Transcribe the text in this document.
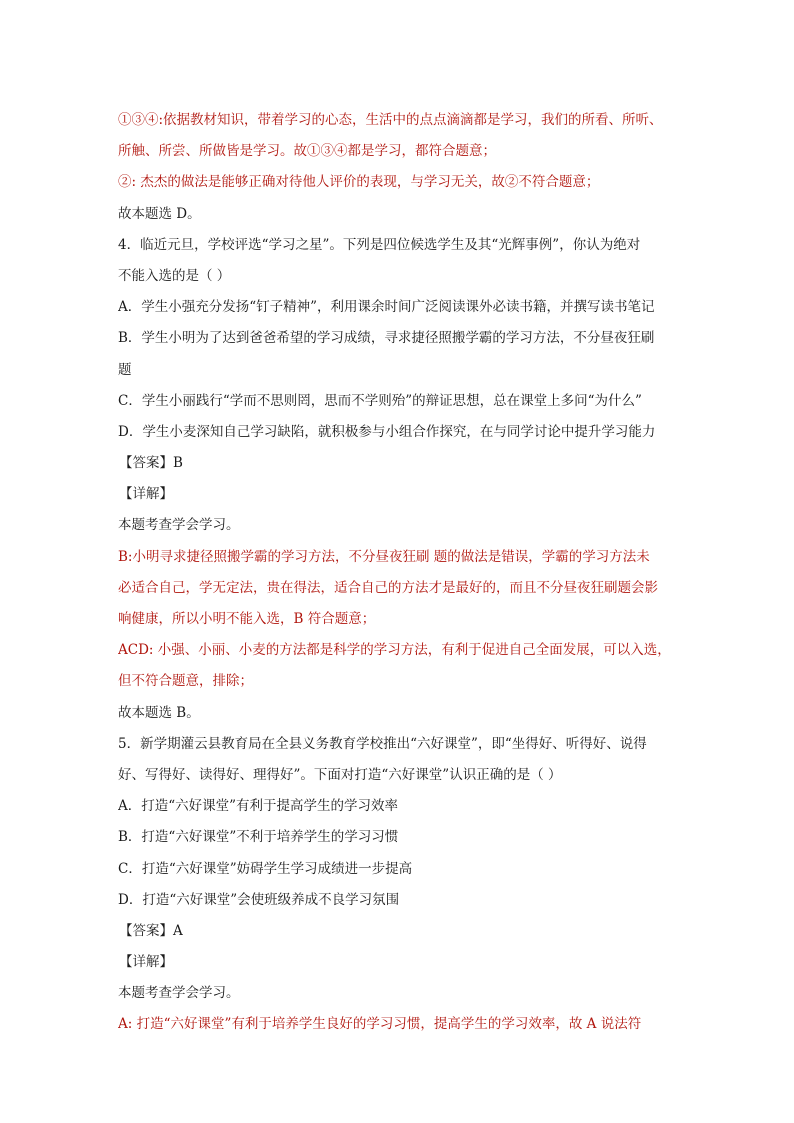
①③④:依据教材知识，带着学习的心态，生活中的点点滴滴都是学习，我们的所看、所听、
所触、所尝、所做皆是学习。故①③④都是学习，都符合题意；
②: 杰杰的做法是能够正确对待他人评价的表现，与学习无关，故②不符合题意；
故本题选 D。
4．临近元旦，学校评选“学习之星”。下列是四位候选学生及其“光辉事例”，你认为绝对
不能入选的是（ ）
A．学生小强充分发扬“钉子精神”，利用课余时间广泛阅读课外必读书籍，并撰写读书笔记
B．学生小明为了达到爸爸希望的学习成绩，寻求捷径照搬学霸的学习方法，不分昼夜狂刷
题
C．学生小丽践行“学而不思则罔，思而不学则殆”的辩证思想，总在课堂上多问“为什么”
D．学生小麦深知自己学习缺陷，就积极参与小组合作探究，在与同学讨论中提升学习能力
【答案】B
【详解】
本题考查学会学习。
B:小明寻求捷径照搬学霸的学习方法，不分昼夜狂刷 题的做法是错误，学霸的学习方法未
必适合自己，学无定法，贵在得法，适合自己的方法才是最好的，而且不分昼夜狂刷题会影
响健康，所以小明不能入选，B 符合题意；
ACD: 小强、小丽、小麦的方法都是科学的学习方法，有利于促进自己全面发展，可以入选，
但不符合题意，排除；
故本题选 B。
5．新学期灌云县教育局在全县义务教育学校推出“六好课堂”，即“坐得好、听得好、说得
好、写得好、读得好、理得好”。下面对打造“六好课堂”认识正确的是（ ）
A．打造“六好课堂”有利于提高学生的学习效率
B．打造“六好课堂”不利于培养学生的学习习惯
C．打造“六好课堂”妨碍学生学习成绩进一步提高
D．打造“六好课堂”会使班级养成不良学习氛围
【答案】A
【详解】
本题考查学会学习。
A: 打造“六好课堂”有利于培养学生良好的学习习惯，提高学生的学习效率，故 A 说法符
